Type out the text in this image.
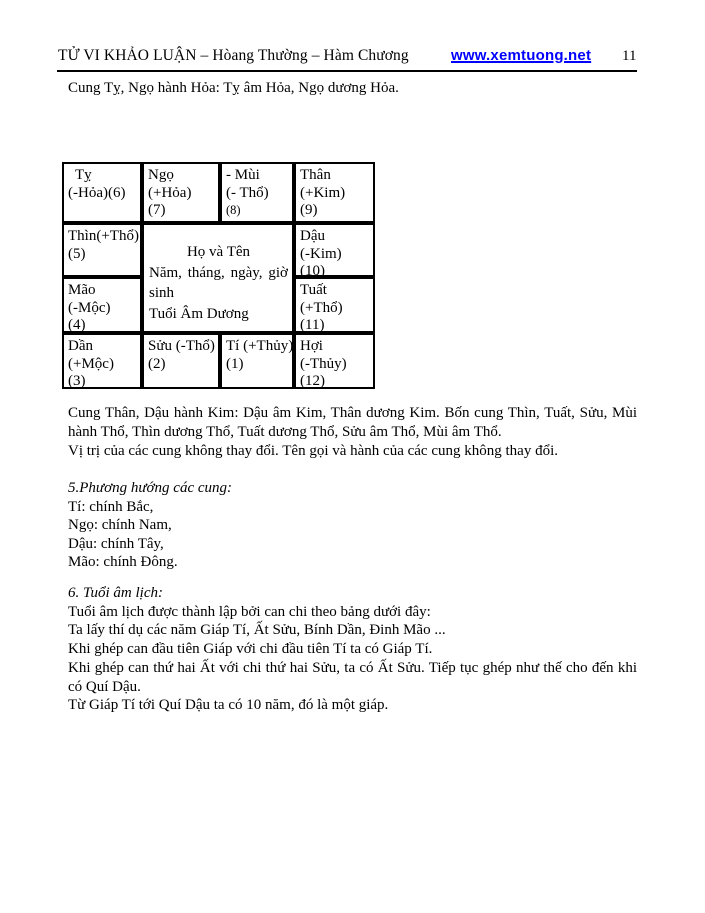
TỬ VI KHẢO LUẬN – Hòang Thường – Hàm Chương	www.xemtuong.net 11
Cung Tỵ, Ngọ hành Hỏa: Tỵ âm Hỏa, Ngọ dương Hỏa.
Tỵ
(-Hỏa)(6)
Ngọ
(+Hỏa)
(7)
- Mùi
(- Thổ)
(8)
Thân
(+Kim)
(9)
Thìn(+Thổ)
(5)	Họ và Tên
Năm, tháng, ngày, giờ sinh
Tuổi Âm Dương
Dậu
(-Kim)
(10)
Mão
(-Mộc)
(4)
Tuất
(+Thổ)
(11)
Dần
(+Mộc)
(3)
Sửu (-Thổ)
(2)
Tí (+Thủy)
(1)
Hợi
(-Thủy)
(12)
Cung Thân, Dậu hành Kim: Dậu âm Kim, Thân dương Kim. Bốn cung Thìn, Tuất, Sửu, Mùi hành Thổ, Thìn dương Thổ, Tuất dương Thổ, Sửu âm Thổ, Mùi âm Thổ.
Vị trị của các cung không thay đổi. Tên gọi và hành của các cung không thay đổi.
5.Phương hướng các cung:
Tí: chính Bắc,
Ngọ: chính Nam,
Dậu: chính Tây,
Mão: chính Đông.
6. Tuổi âm lịch:
Tuổi âm lịch được thành lập bởi can chi theo bảng dưới đây:
Ta lấy thí dụ các năm Giáp Tí, Ất Sửu, Bính Dần, Đinh Mão ...
Khi ghép can đầu tiên Giáp với chi đầu tiên Tí ta có Giáp Tí.
Khi ghép can thứ hai Ất với chi thứ hai Sửu, ta có Ất Sửu. Tiếp tục ghép như thế cho đến khi có Quí Dậu.
Từ Giáp Tí tới Quí Dậu ta có 10 năm, đó là một giáp.
